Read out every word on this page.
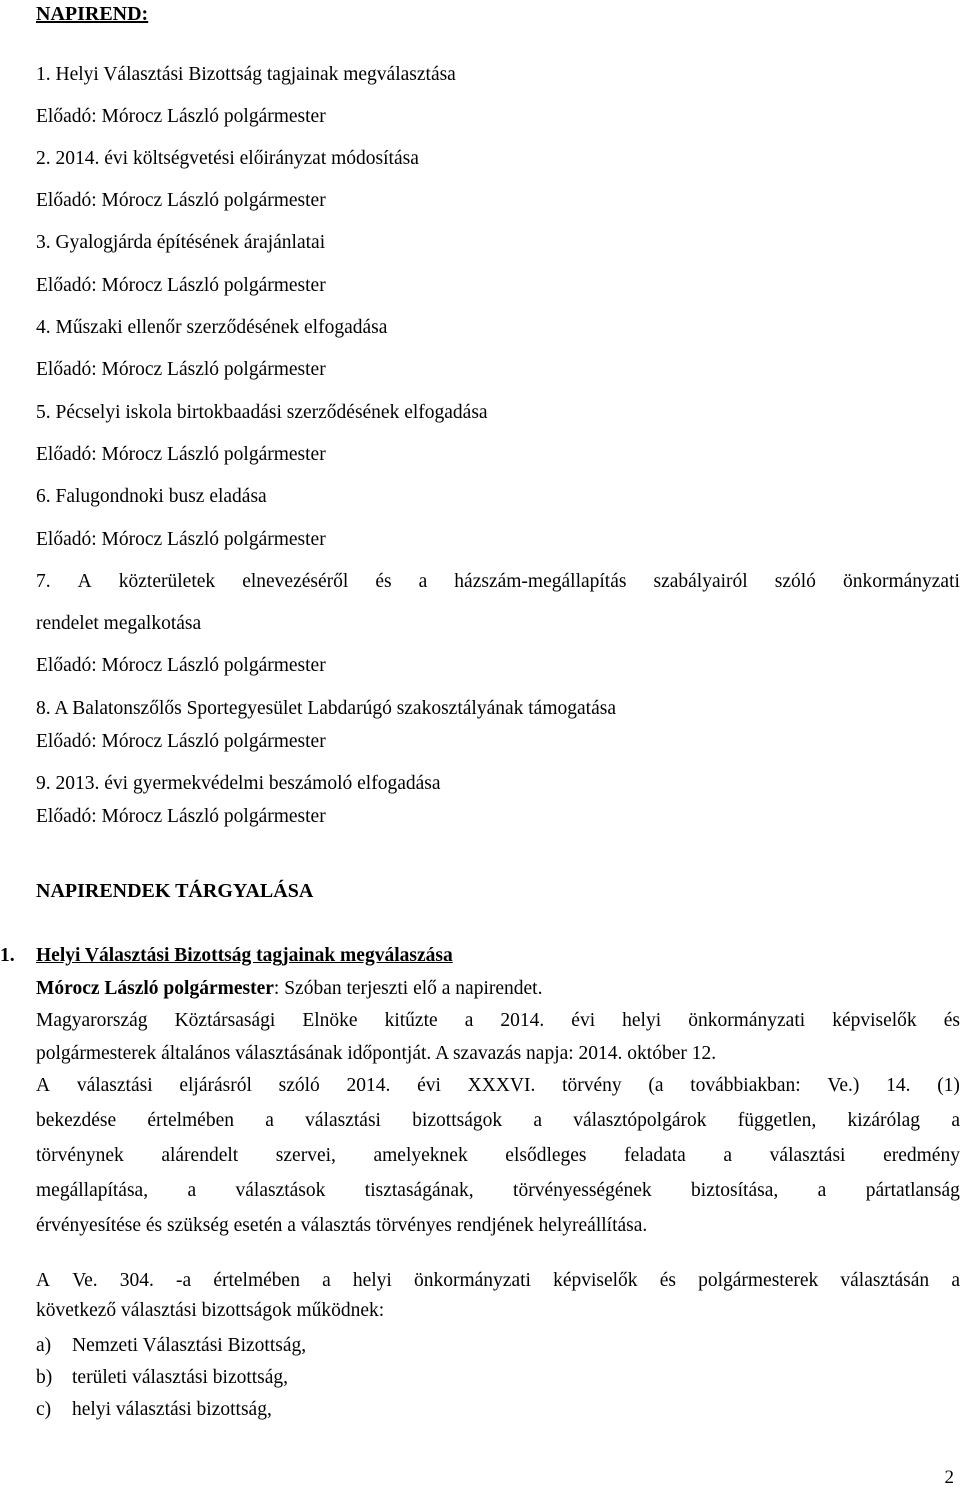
NAPIREND:
1. Helyi Választási Bizottság tagjainak megválasztása
Előadó: Mórocz László polgármester
2. 2014. évi költségvetési előirányzat módosítása
Előadó: Mórocz László polgármester
3. Gyalogjárda építésének árajánlatai
Előadó: Mórocz László polgármester
4. Műszaki ellenőr szerződésének elfogadása
Előadó: Mórocz László polgármester
5. Pécselyi iskola birtokbaadási szerződésének elfogadása
Előadó: Mórocz László polgármester
6. Falugondnoki busz eladása
Előadó: Mórocz László polgármester
7. A közterületek elnevezéséről és a házszám-megállapítás szabályairól szóló önkormányzati
rendelet megalkotása
Előadó: Mórocz László polgármester
8. A Balatonszőlős Sportegyesület Labdarúgó szakosztályának támogatása
Előadó: Mórocz László polgármester
9. 2013. évi gyermekvédelmi beszámoló elfogadása
Előadó: Mórocz László polgármester
NAPIRENDEK TÁRGYALÁSA
1. Helyi Választási Bizottság tagjainak megválaszása
Mórocz László polgármester: Szóban terjeszti elő a napirendet.
Magyarország Köztársasági Elnöke kitűzte a 2014. évi helyi önkormányzati képviselők és
polgármesterek általános választásának időpontját. A szavazás napja: 2014. október 12.
A választási eljárásról szóló 2014. évi XXXVI. törvény (a továbbiakban: Ve.) 14. (1)
bekezdése értelmében a választási bizottságok a választópolgárok független, kizárólag a
törvénynek alárendelt szervei, amelyeknek elsődleges feladata a választási eredmény
megállapítása, a választások tisztaságának, törvényességének biztosítása, a pártatlanság
érvényesítése és szükség esetén a választás törvényes rendjének helyreállítása.
A Ve. 304. -a értelmében a helyi önkormányzati képviselők és polgármesterek választásán a
következő választási bizottságok működnek:
a) Nemzeti Választási Bizottság,
b) területi választási bizottság,
c) helyi választási bizottság,
2
